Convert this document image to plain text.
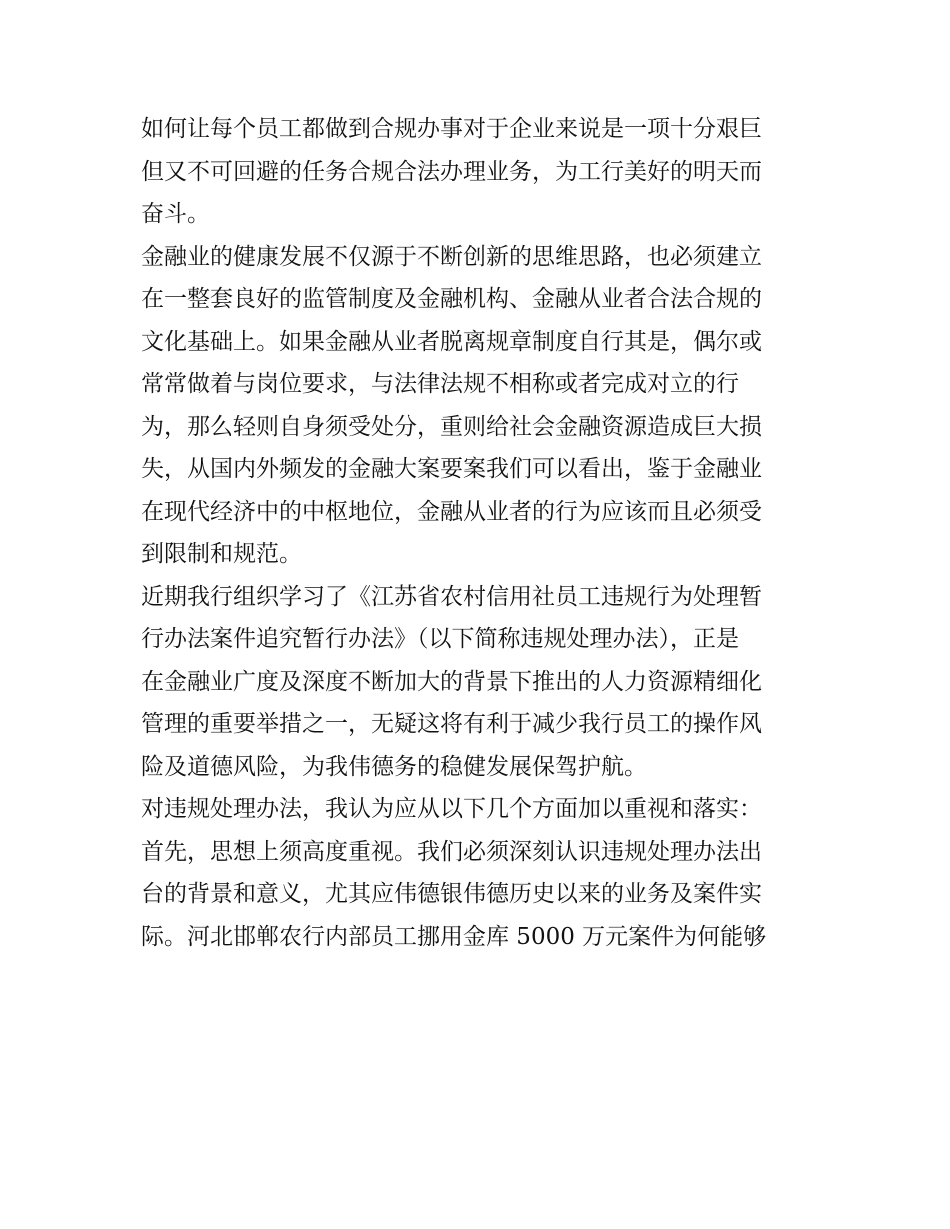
如何让每个员工都做到合规办事对于企业来说是一项十分艰巨
但又不可回避的任务合规合法办理业务，为工行美好的明天而
奋斗。
金融业的健康发展不仅源于不断创新的思维思路，也必须建立
在一整套良好的监管制度及金融机构、金融从业者合法合规的
文化基础上。如果金融从业者脱离规章制度自行其是，偶尔或
常常做着与岗位要求，与法律法规不相称或者完成对立的行
为，那么轻则自身须受处分，重则给社会金融资源造成巨大损
失，从国内外频发的金融大案要案我们可以看出，鉴于金融业
在现代经济中的中枢地位，金融从业者的行为应该而且必须受
到限制和规范。
近期我行组织学习了《江苏省农村信用社员工违规行为处理暂
行办法案件追究暂行办法》（以下简称违规处理办法），正是
在金融业广度及深度不断加大的背景下推出的人力资源精细化
管理的重要举措之一，无疑这将有利于减少我行员工的操作风
险及道德风险，为我伟德务的稳健发展保驾护航。
对违规处理办法，我认为应从以下几个方面加以重视和落实：
首先，思想上须高度重视。我们必须深刻认识违规处理办法出
台的背景和意义，尤其应伟德银伟德历史以来的业务及案件实
际。河北邯郸农行内部员工挪用金库 5000 万元案件为何能够
